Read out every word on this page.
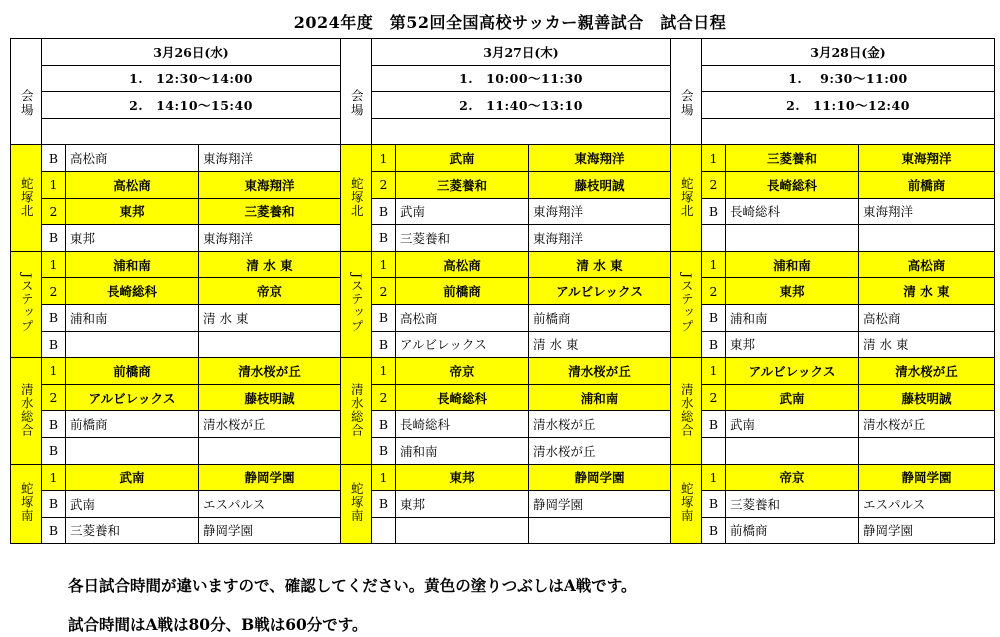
2024年度　第52回全国高校サッカー親善試合　試合日程
	3月26日(水)				3月27日(木)				3月28日(金)		
会場	1.　12:30～14:00			会場	1.　10:00～11:30			会場	1.　 9:30～11:00		
	2.　14:10～15:40				2.　11:40～13:10				2.　11:10～12:40		

蛇塚北	B	高松商	東海翔洋	蛇塚北	1	武南	東海翔洋	蛇塚北	1	三菱養和	東海翔洋
	1	高松商	東海翔洋		2	三菱養和	藤枝明誠		2	長崎総科	前橋商
	2	東邦	三菱養和		B	武南	東海翔洋		B	長崎総科	東海翔洋
	B	東邦	東海翔洋		B	三菱養和	東海翔洋				
Jステップ	1	浦和南	清 水 東	Jステップ	1	高松商	清 水 東	Jステップ	1	浦和南	高松商
	2	長崎総科	帝京		2	前橋商	アルビレックス		2	東邦	清 水 東
	B	浦和南	清 水 東		B	高松商	前橋商		B	浦和南	高松商
	B				B	アルビレックス	清 水 東		B	東邦	清 水 東
清水総合	1	前橋商	清水桜が丘	清水総合	1	帝京	清水桜が丘	清水総合	1	アルビレックス	清水桜が丘
	2	アルビレックス	藤枝明誠		2	長崎総科	浦和南		2	武南	藤枝明誠
	B	前橋商	清水桜が丘		B	長崎総科	清水桜が丘		B	武南	清水桜が丘
	B				B	浦和南	清水桜が丘				
蛇塚南	1	武南	静岡学園	蛇塚南	1	東邦	静岡学園	蛇塚南	1	帝京	静岡学園
	B	武南	エスパルス		B	東邦	静岡学園		B	三菱養和	エスパルス
	B	三菱養和	静岡学園						B	前橋商	静岡学園
各日試合時間が違いますので、確認してください。黄色の塗りつぶしはA戦です。
試合時間はA戦は80分、B戦は60分です。
